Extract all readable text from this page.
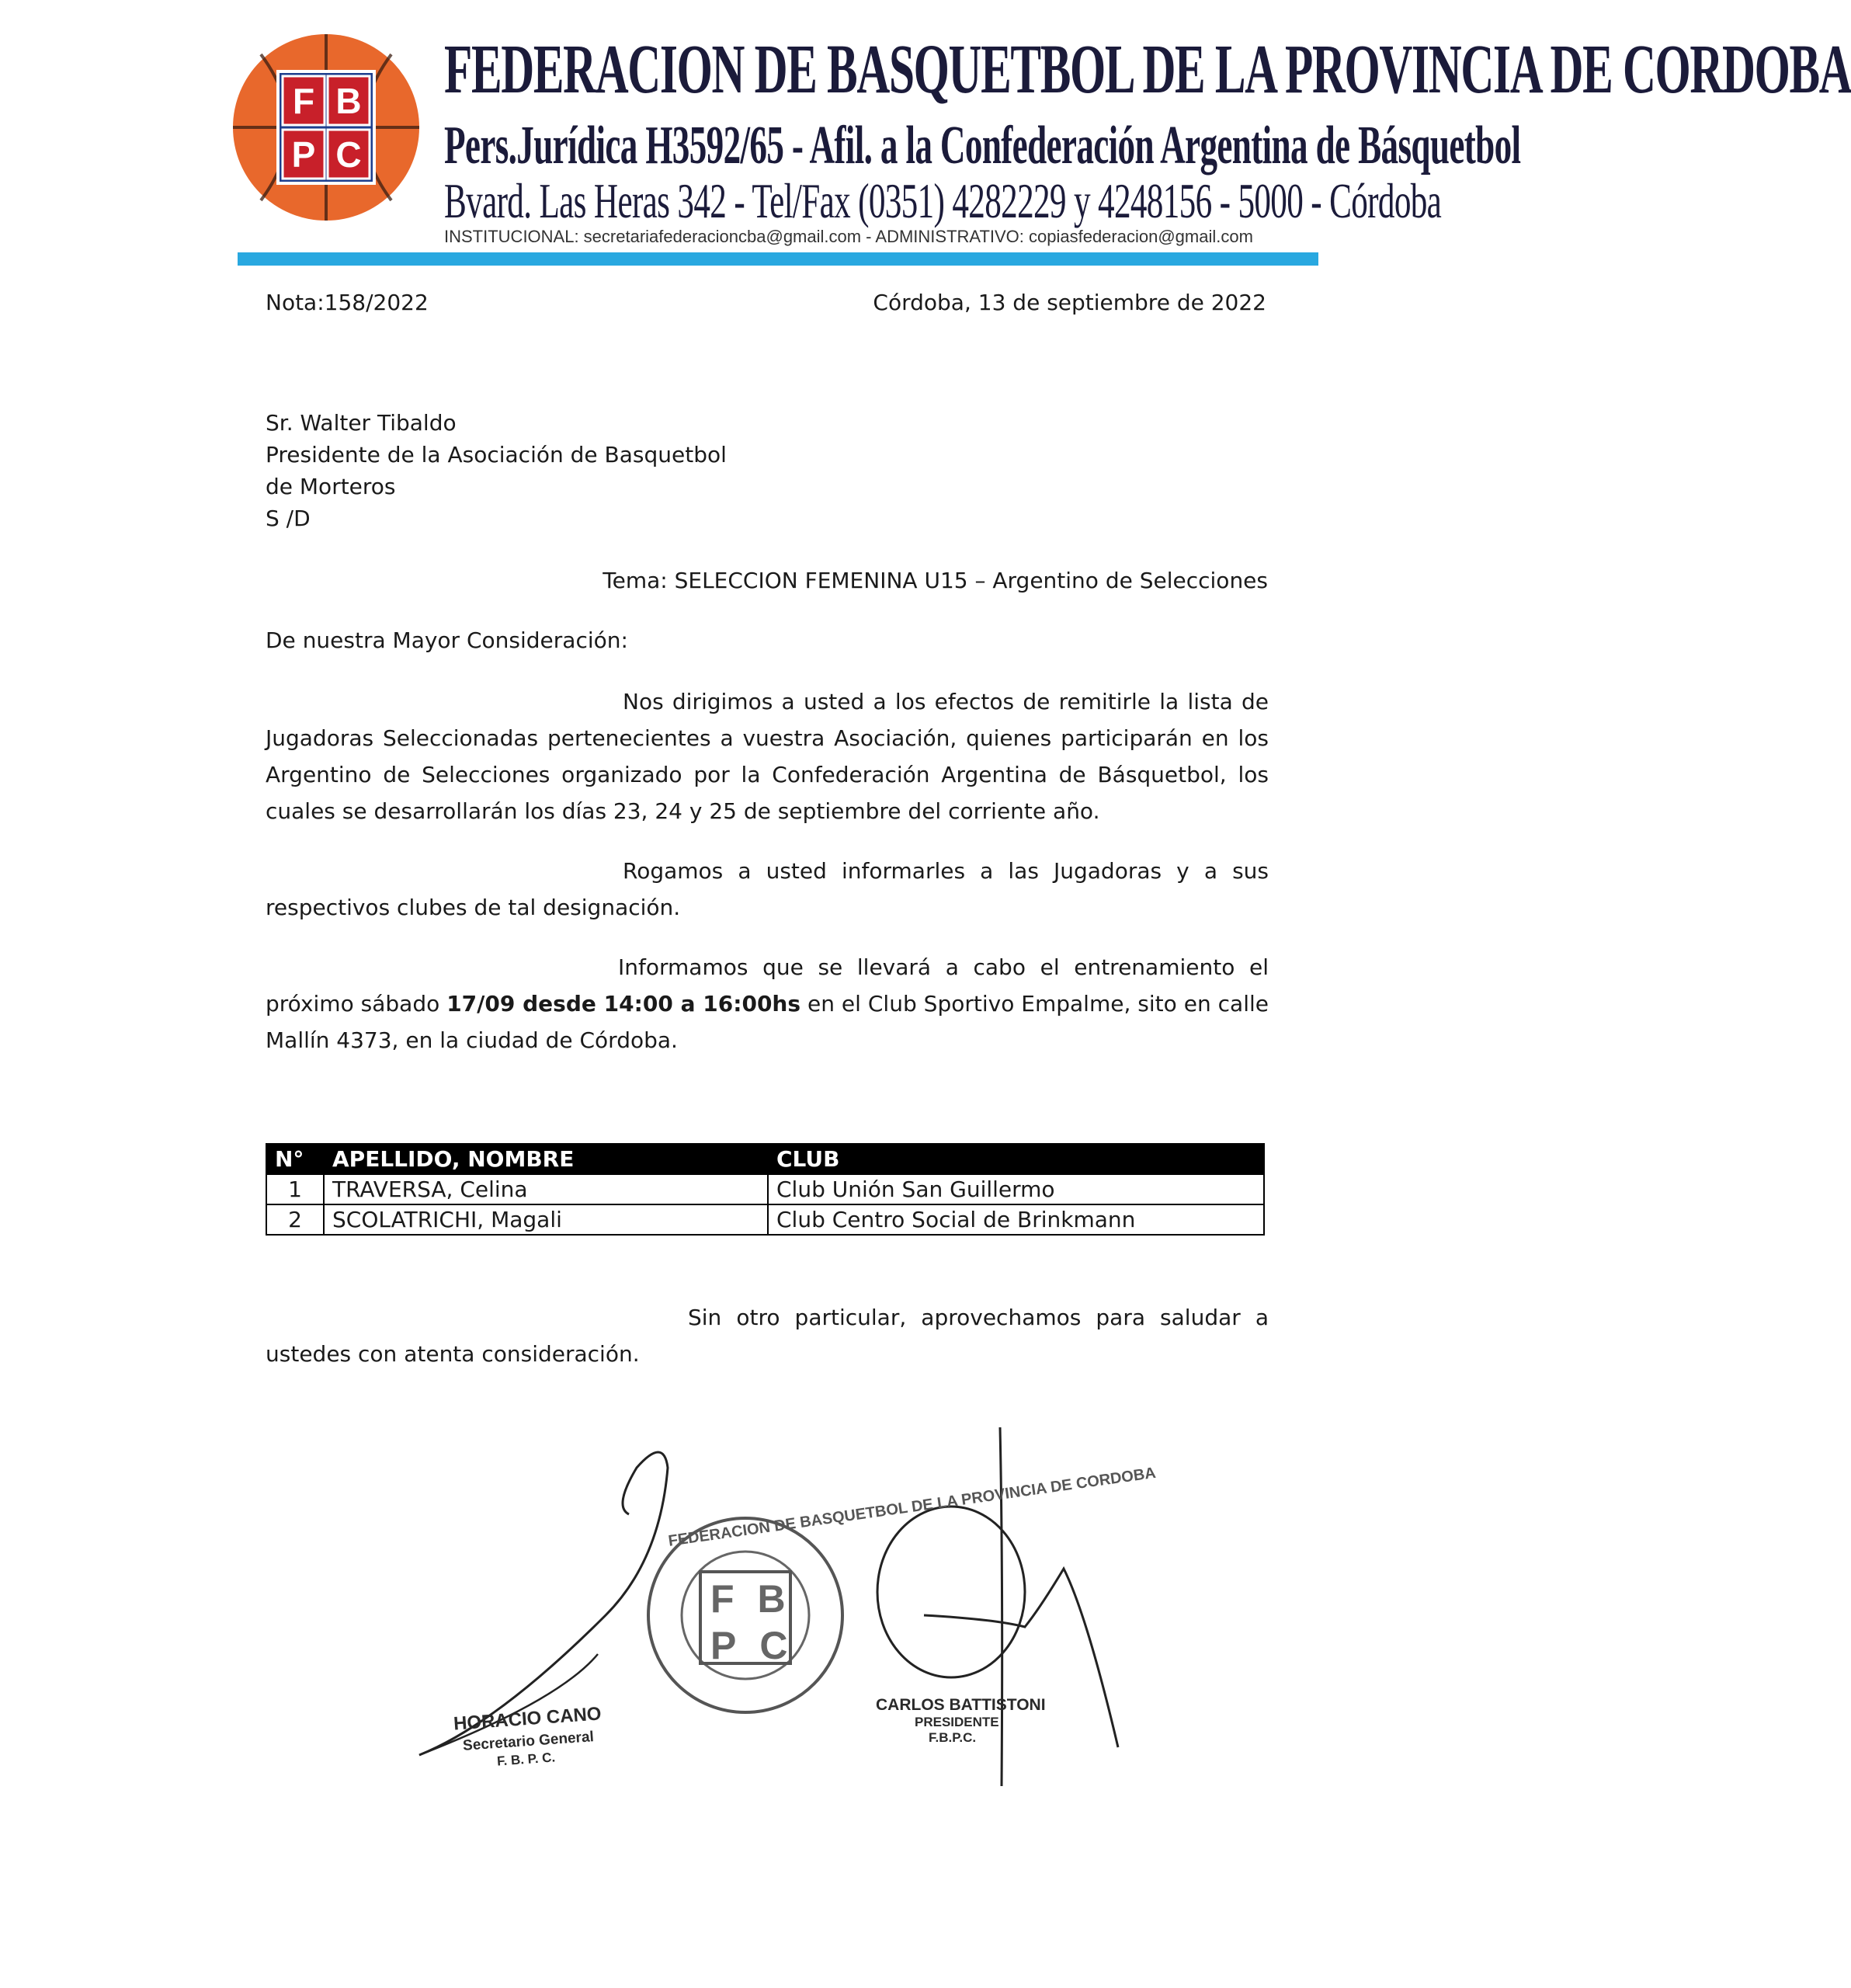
F B
P C
FEDERACION DE BASQUETBOL DE LA PROVINCIA DE CORDOBA
Pers.Jurídica H3592/65 - Afil. a la Confederación Argentina de Básquetbol
Bvard. Las Heras 342 - Tel/Fax (0351) 4282229 y 4248156 - 5000 - Córdoba
INSTITUCIONAL: secretariafederacioncba@gmail.com - ADMINISTRATIVO: copiasfederacion@gmail.com
Nota:158/2022	Córdoba, 13 de septiembre de 2022
Sr. Walter Tibaldo
Presidente de la Asociación de Basquetbol
de Morteros
S /D
Tema: SELECCION FEMENINA U15 – Argentino de Selecciones
De nuestra Mayor Consideración:
Nos dirigimos a usted a los efectos de remitirle la lista de Jugadoras Seleccionadas pertenecientes a vuestra Asociación, quienes participarán en los Argentino de Selecciones organizado por la Confederación Argentina de Básquetbol, los cuales se desarrollarán los días 23, 24 y 25 de septiembre del corriente año.
Rogamos a usted informarles a las Jugadoras y a sus respectivos clubes de tal designación.
Informamos que se llevará a cabo el entrenamiento el próximo sábado 17/09 desde 14:00 a 16:00hs en el Club Sportivo Empalme, sito en calle Mallín 4373, en la ciudad de Córdoba.
N°	APELLIDO, NOMBRE	CLUB
1	TRAVERSA, Celina	Club Unión San Guillermo
2	SCOLATRICHI, Magali	Club Centro Social de Brinkmann
Sin otro particular, aprovechamos para saludar a
ustedes con atenta consideración.
FEDERACION DE BASQUETBOL DE LA PROVINCIA DE CORDOBA
FB
PC
HORACIO CANO
Secretario General
F. B. P. C.
CARLOS BATTISTONI
PRESIDENTE
F.B.P.C.
